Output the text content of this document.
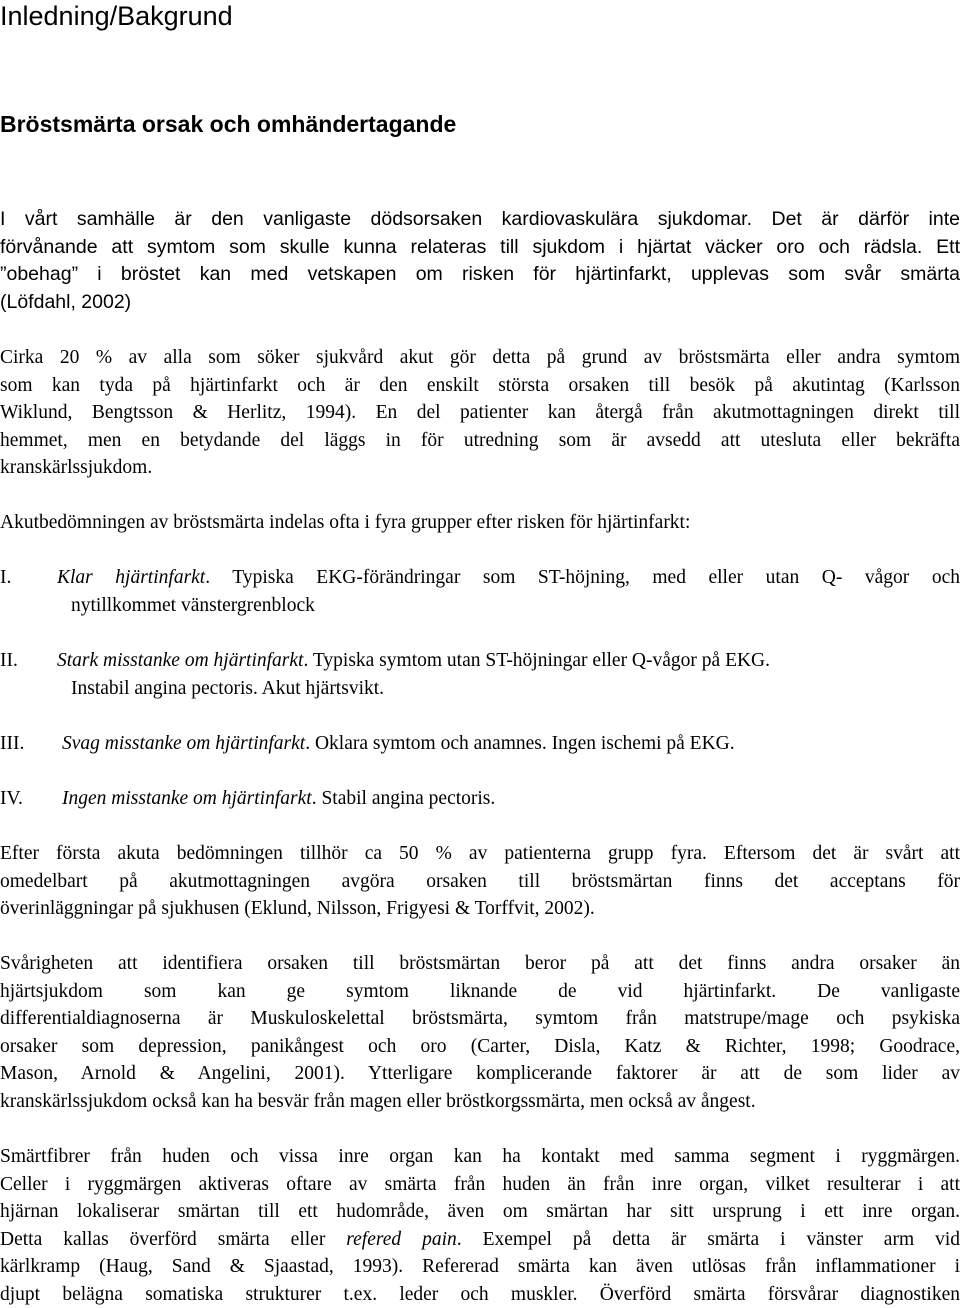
Inledning/Bakgrund
Bröstsmärta orsak och omhändertagande
I vårt samhälle är den vanligaste dödsorsaken kardiovaskulära sjukdomar. Det är därför inte
förvånande att symtom som skulle kunna relateras till sjukdom i hjärtat väcker oro och rädsla. Ett
”obehag” i bröstet kan med vetskapen om risken för hjärtinfarkt, upplevas som svår smärta
(Löfdahl, 2002)
Cirka 20 % av alla som söker sjukvård akut gör detta på grund av bröstsmärta eller andra symtom
som kan tyda på hjärtinfarkt och är den enskilt största orsaken till besök på akutintag (Karlsson
Wiklund, Bengtsson & Herlitz, 1994). En del patienter kan återgå från akutmottagningen direkt till
hemmet, men en betydande del läggs in för utredning som är avsedd att utesluta eller bekräfta
kranskärlssjukdom.
Akutbedömningen av bröstsmärta indelas ofta i fyra grupper efter risken för hjärtinfarkt:
I. Klar hjärtinfarkt. Typiska EKG-förändringar som ST-höjning, med eller utan Q- vågor och
nytillkommet vänstergrenblock
II. Stark misstanke om hjärtinfarkt. Typiska symtom utan ST-höjningar eller Q-vågor på EKG.
Instabil angina pectoris. Akut hjärtsvikt.
III. Svag misstanke om hjärtinfarkt. Oklara symtom och anamnes. Ingen ischemi på EKG.
IV. Ingen misstanke om hjärtinfarkt. Stabil angina pectoris.
Efter första akuta bedömningen tillhör ca 50 % av patienterna grupp fyra. Eftersom det är svårt att
omedelbart på akutmottagningen avgöra orsaken till bröstsmärtan finns det acceptans för
överinläggningar på sjukhusen (Eklund, Nilsson, Frigyesi & Torffvit, 2002).
Svårigheten att identifiera orsaken till bröstsmärtan beror på att det finns andra orsaker än
hjärtsjukdom som kan ge symtom liknande de vid hjärtinfarkt. De vanligaste
differentialdiagnoserna är Muskuloskelettal bröstsmärta, symtom från matstrupe/mage och psykiska
orsaker som depression, panikångest och oro (Carter, Disla, Katz & Richter, 1998; Goodrace,
Mason, Arnold & Angelini, 2001). Ytterligare komplicerande faktorer är att de som lider av
kranskärlssjukdom också kan ha besvär från magen eller bröstkorgssmärta, men också av ångest.
Smärtfibrer från huden och vissa inre organ kan ha kontakt med samma segment i ryggmärgen.
Celler i ryggmärgen aktiveras oftare av smärta från huden än från inre organ, vilket resulterar i att
hjärnan lokaliserar smärtan till ett hudområde, även om smärtan har sitt ursprung i ett inre organ.
Detta kallas överförd smärta eller refered pain. Exempel på detta är smärta i vänster arm vid
kärlkramp (Haug, Sand & Sjaastad, 1993). Refererad smärta kan även utlösas från inflammationer i
djupt belägna somatiska strukturer t.ex. leder och muskler. Överförd smärta försvårar diagnostiken
